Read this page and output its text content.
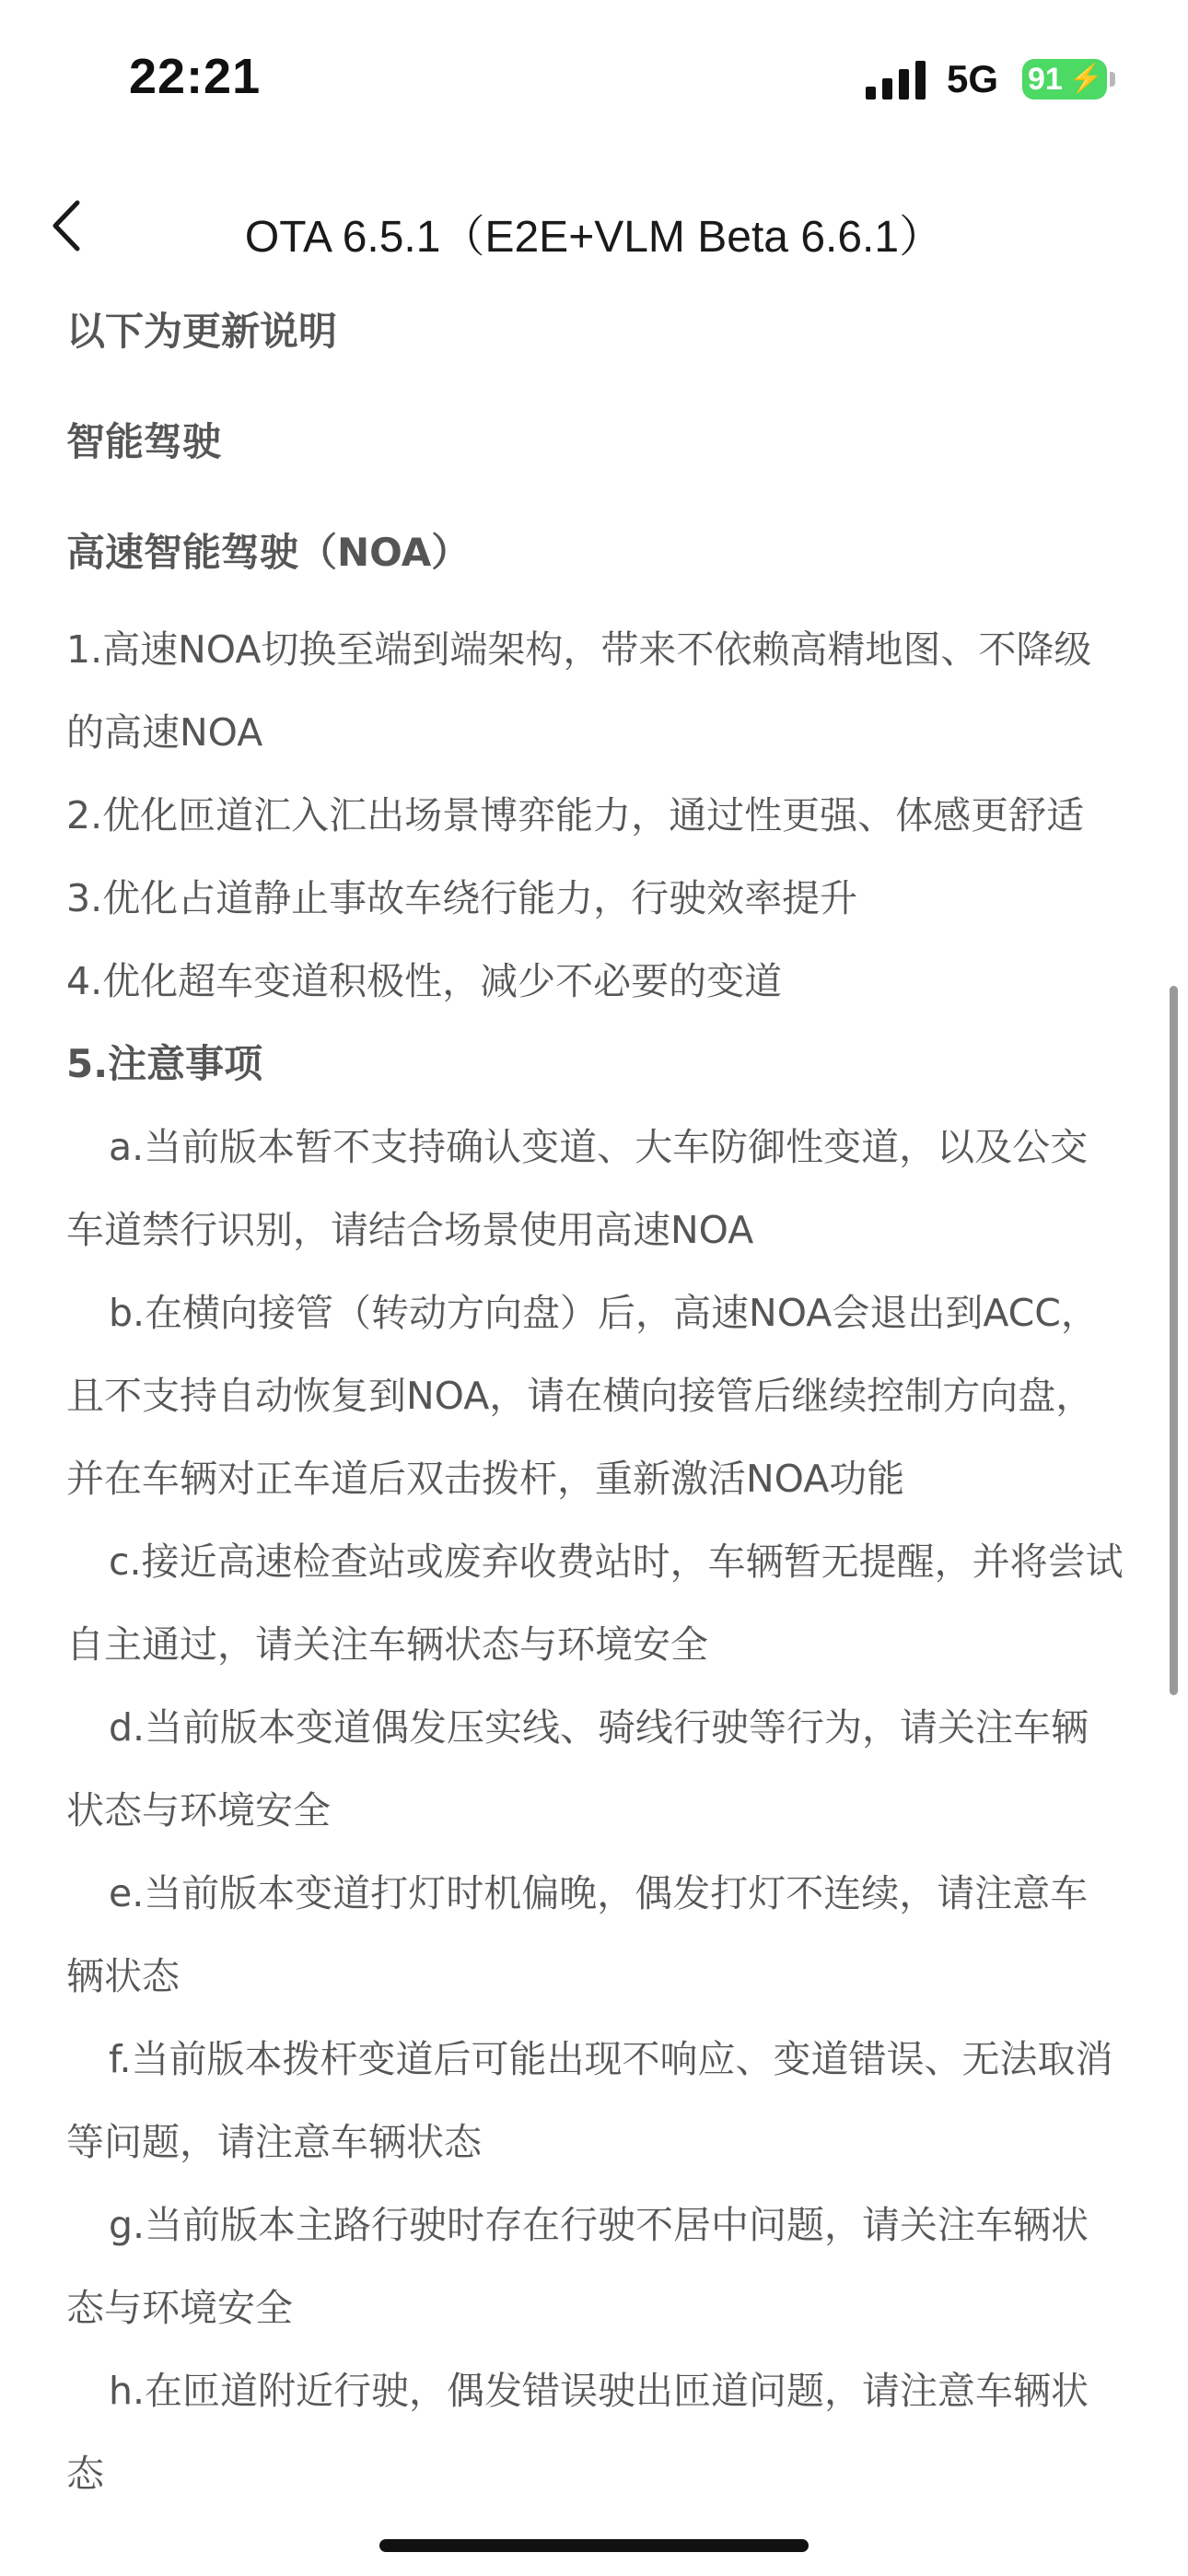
22:21	5G 91 ⚡
OTA 6.5.1（E2E+VLM Beta 6.6.1）
以下为更新说明
智能驾驶
高速智能驾驶（NOA）
1.高速NOA切换至端到端架构，带来不依赖高精地图、不降级的高速NOA
2.优化匝道汇入汇出场景博弈能力，通过性更强、体感更舒适
3.优化占道静止事故车绕行能力，行驶效率提升
4.优化超车变道积极性，减少不必要的变道
5.注意事项
a.当前版本暂不支持确认变道、大车防御性变道，以及公交车道禁行识别，请结合场景使用高速NOA
b.在横向接管（转动方向盘）后，高速NOA会退出到ACC，且不支持自动恢复到NOA，请在横向接管后继续控制方向盘，并在车辆对正车道后双击拨杆，重新激活NOA功能
c.接近高速检查站或废弃收费站时，车辆暂无提醒，并将尝试自主通过，请关注车辆状态与环境安全
d.当前版本变道偶发压实线、骑线行驶等行为，请关注车辆状态与环境安全
e.当前版本变道打灯时机偏晚，偶发打灯不连续，请注意车辆状态
f.当前版本拨杆变道后可能出现不响应、变道错误、无法取消等问题，请注意车辆状态
g.当前版本主路行驶时存在行驶不居中问题，请关注车辆状态与环境安全
h.在匝道附近行驶，偶发错误驶出匝道问题，请注意车辆状态
